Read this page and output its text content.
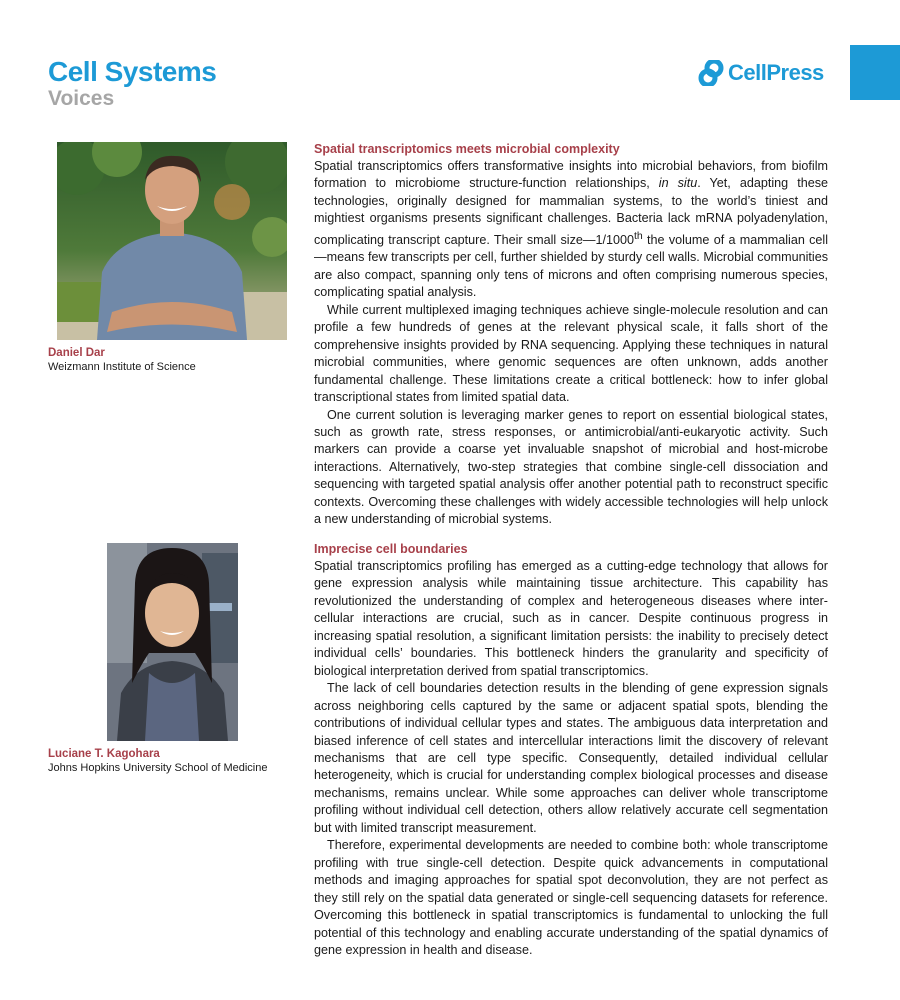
Cell Systems
Voices
CellPress
Daniel Dar
Weizmann Institute of Science
Luciane T. Kagohara
Johns Hopkins University School of Medicine
Spatial transcriptomics meets microbial complexity

Spatial transcriptomics offers transformative insights into microbial behaviors, from biofilm formation to microbiome structure-function relationships, in situ. Yet, adapting these technologies, originally designed for mammalian systems, to the world’s tiniest and mightiest organisms presents significant challenges. Bacteria lack mRNA polyadenylation, complicating transcript capture. Their small size—1/1000th the volume of a mammalian cell—means few transcripts per cell, further shielded by sturdy cell walls. Microbial communities are also compact, spanning only tens of microns and often comprising numerous species, complicating spatial analysis.

While current multiplexed imaging techniques achieve single-molecule resolution and can profile a few hundreds of genes at the relevant physical scale, it falls short of the comprehensive insights provided by RNA sequencing. Applying these techniques in natural microbial communities, where genomic sequences are often unknown, adds another fundamental challenge. These limitations create a critical bottleneck: how to infer global transcriptional states from limited spatial data.

One current solution is leveraging marker genes to report on essential biological states, such as growth rate, stress responses, or antimicrobial/anti-eukaryotic activity. Such markers can provide a coarse yet invaluable snapshot of microbial and host-microbe interactions. Alternatively, two-step strategies that combine single-cell dissociation and sequencing with targeted spatial analysis offer another potential path to reconstruct specific contexts. Overcoming these challenges with widely accessible technologies will help unlock a new understanding of microbial systems.

Imprecise cell boundaries

Spatial transcriptomics profiling has emerged as a cutting-edge technology that allows for gene expression analysis while maintaining tissue architecture. This capability has revolutionized the understanding of complex and heterogeneous diseases where intercellular interactions are crucial, such as in cancer. Despite continuous progress in increasing spatial resolution, a significant limitation persists: the inability to precisely detect individual cells’ boundaries. This bottleneck hinders the granularity and specificity of biological interpretation derived from spatial transcriptomics.

The lack of cell boundaries detection results in the blending of gene expression signals across neighboring cells captured by the same or adjacent spatial spots, blending the contributions of individual cellular types and states. The ambiguous data interpretation and biased inference of cell states and intercellular interactions limit the discovery of relevant mechanisms that are cell type specific. Consequently, detailed individual cellular heterogeneity, which is crucial for understanding complex biological processes and disease mechanisms, remains unclear. While some approaches can deliver whole transcriptome profiling without individual cell detection, others allow relatively accurate cell segmentation but with limited transcript measurement.

Therefore, experimental developments are needed to combine both: whole transcriptome profiling with true single-cell detection. Despite quick advancements in computational methods and imaging approaches for spatial spot deconvolution, they are not perfect as they still rely on the spatial data generated or single-cell sequencing datasets for reference. Overcoming this bottleneck in spatial transcriptomics is fundamental to unlocking the full potential of this technology and enabling accurate understanding of the spatial dynamics of gene expression in health and disease.
